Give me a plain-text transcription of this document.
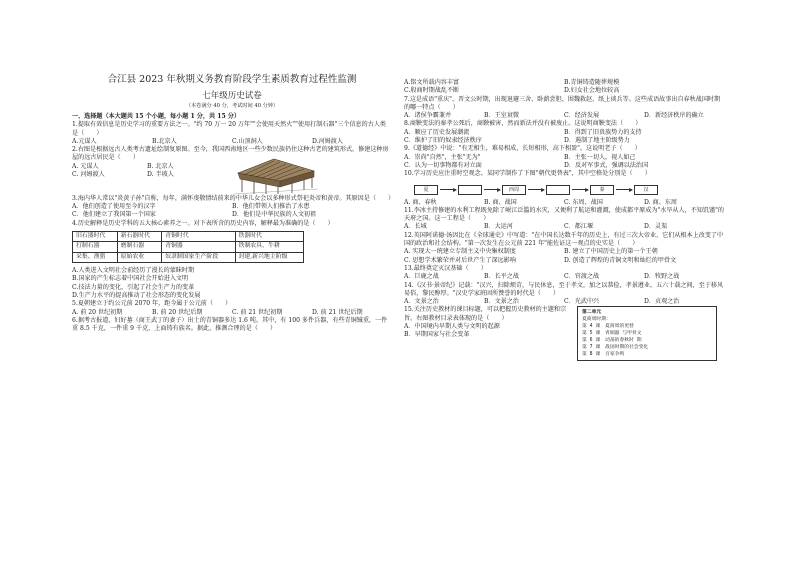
合江县 2023 年秋期义务教育阶段学生素质教育过程性监测
七年级历史试卷
（本卷满分 40 分，考试时间 40 分钟）
一、选择题（本大题共 15 个小题，每小题 1 分，共 15 分）

1.提取有效信息是历史学习的重要方法之一。"约 70 万一 20 万年""会使用天然火""使用打制石器"三个信息的古人类是（　　）

A.元谋人	B.北京人	C.山顶洞人	D.河姆渡人

2.右图是根据远古人类考古遗址绘制复原图。至今，我国西南地区一些少数民族仍住这种古老的建筑形式。修建这种房屋的远古居民是（　　）

A. 元谋人	B. 北京人
C. 河姆渡人	D. 半坡人

3.海内华人常以"炎黄子孙"自称，每年，满怀虔敬情结前来的中华儿女会以多种形式祭祀炎帝和黄帝。其原因是（　　）

A．他们创造了使用至今的汉字	B．他们带领人们推治了水患
C．他们建立了我国第一个国家	D．他们是中华民族的人文初祖

4.历史解释是历史学科的五大核心素养之一。对下表所含的历史内容，解释最为准确的是（　　）

旧石器时代	新石器时代	青铜时代	铁器时代
打制石器	磨制石器	青铜器	铁制农具、牛耕
采集、渔猎	原始农业	奴隶制国家生产阶段	封建,新兴地主阶级
A.人类进入文明社会前经历了漫长的蒙昧时期
B.国家的产生标志着中国社会开始进入文明
C.技法力量的变化，引起了社会生产力的变革
D.生产力水平的提高推动了社会形态的变化发展

5.夏朝建立于约公元前 2070 年，距今属于公元前（　　）

A. 前 20 世纪初期	B. 前 20 世纪后期	C. 前 21 世纪初期	D. 前 21 世纪后期

6.据考古报道，妇好墓（商王武丁的妻子）出土的青铜器多达 1.6 吨。其中，有 100 多件兵器，有些青铜铖重，一件重 8.5 千克，一件重 9 千克，上面铸有族名。据此，推测合理的是（　　）

A.铭文所载内容丰富	B.青铜铸造随葬规模
C.殷商时期战乱不断	D.妇女社会地位较高

7.这是成语"重庆"、晋文公时期，出现退避三舍、卧薪尝胆、围魏救赵、纸上谈兵等。这些成语故事出自春秋战国时期的哪一特点（　　）

A．诸侯争霸兼并	B．王室衰微	C．经济发展	D．新经济秩序的确立

8.商鞅变法的秦孝公死后，商鞅被害，然而新法并没有被废止。这说明商鞅变法（　　）

A．顺应了历史发展潮流	B．得到了旧贵族势力的支持
C．维护了旧的奴隶经济秩序	D．遏制了地主阶级势力

9.《道德经》中说："有无相生，难易相成，长短相形，高下相盈"。这说明老子（　　）

A．崇尚"自然"，主张"无为"	B．主张一切人，视人如己
C．认为一切事物都有对立面	D．反对军事式，强调以法治国

10.学习历史应注重时空观念。某同学制作了下图"朝代更替表"，其中空格处分别是（　　）

夏	西周	秦	汉
A. 商、春秋	B. 商、战国	C. 东周、战国	D. 商、东周

11.李冰主持修建的水利工程既免除了岷江泛滥的水灾，又便利了航运和灌溉，使成都平原成为"水旱从人，不知饥馑"的天府之国。这一工程是（　　）

A．长城	B．大运河	C．都江堰	D．灵渠

12.英国阿诺德·汤因比在《全球通史》中写道："在中国长达数千年的历史上，有过三次大帝业，它们从根本上改变了中国的政治和社会结构。"第一次发生在公元前 221 年"能佐证这一观点的史实是（　　）

A. 实现大一统建立专制主义中央集权制度	B. 建立了中国历史上的第一个王朝
C. 思想学术繁荣并对后世产生了深远影响	D. 创造了辉煌的青铜文明和灿烂的甲骨文

13.最终奠定灭汉基础（　　）

A．巨鹿之战	B．长平之战	C．官渡之战	D．牧野之战

14.《汉书·景帝纪》记载："汉兴，扫除烦苛，与民休息，至于孝文，加之以恭俭，孝景遵业，五六十载之间，至于移风易俗，黎民醇厚。"汉史学家班固所赞誉的时代是（　　）

A．文景之治	B．文景之治	C．光武中兴	D．贞观之治

15.关注历史教材的课目标题，可以把握历史教材的主题和宗旨。右图教材目录表体现的是（　　）

A．中国境内早期人类与文明的起源
B．早期国家与社会变革
第二单元
夏商周时期：
第 4 课　夏商周的更替
第 5 课　青铜器 与甲骨文
第 6 课　动荡的春秋时 期
第 7 课　战国时期的社会变化
第 8 课　百家争鸣
